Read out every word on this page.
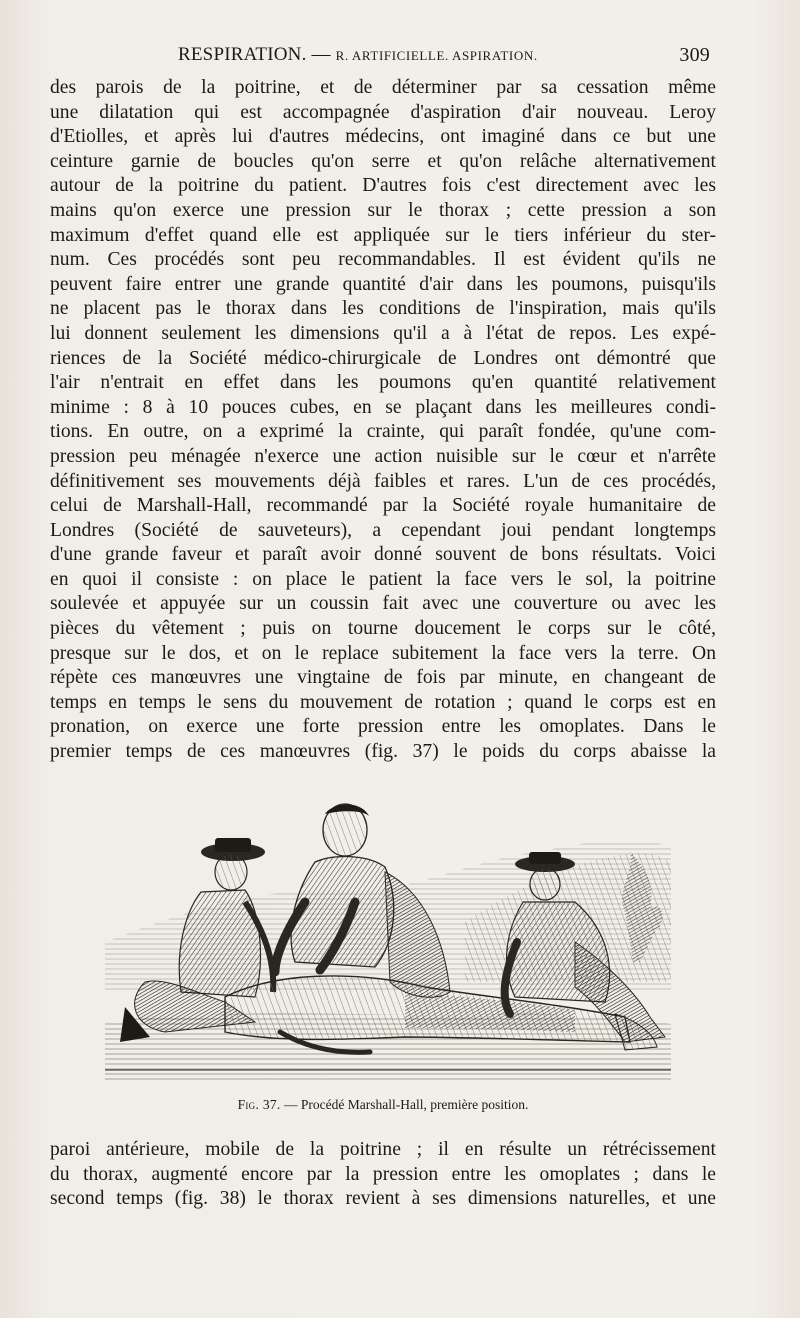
RESPIRATION. — R. ARTIFICIELLE. ASPIRATION.	309
des parois de la poitrine, et de déterminer par sa cessation même
une dilatation qui est accompagnée d'aspiration d'air nouveau. Leroy
d'Etiolles, et après lui d'autres médecins, ont imaginé dans ce but une
ceinture garnie de boucles qu'on serre et qu'on relâche alternativement
autour de la poitrine du patient. D'autres fois c'est directement avec les
mains qu'on exerce une pression sur le thorax ; cette pression a son
maximum d'effet quand elle est appliquée sur le tiers inférieur du ster-
num. Ces procédés sont peu recommandables. Il est évident qu'ils ne
peuvent faire entrer une grande quantité d'air dans les poumons, puisqu'ils
ne placent pas le thorax dans les conditions de l'inspiration, mais qu'ils
lui donnent seulement les dimensions qu'il a à l'état de repos. Les expé-
riences de la Société médico-chirurgicale de Londres ont démontré que
l'air n'entrait en effet dans les poumons qu'en quantité relativement
minime : 8 à 10 pouces cubes, en se plaçant dans les meilleures condi-
tions. En outre, on a exprimé la crainte, qui paraît fondée, qu'une com-
pression peu ménagée n'exerce une action nuisible sur le cœur et n'arrête
définitivement ses mouvements déjà faibles et rares. L'un de ces procédés,
celui de Marshall-Hall, recommandé par la Société royale humanitaire de
Londres (Société de sauveteurs), a cependant joui pendant longtemps
d'une grande faveur et paraît avoir donné souvent de bons résultats. Voici
en quoi il consiste : on place le patient la face vers le sol, la poitrine
soulevée et appuyée sur un coussin fait avec une couverture ou avec les
pièces du vêtement ; puis on tourne doucement le corps sur le côté,
presque sur le dos, et on le replace subitement la face vers la terre. On
répète ces manœuvres une vingtaine de fois par minute, en changeant de
temps en temps le sens du mouvement de rotation ; quand le corps est en
pronation, on exerce une forte pression entre les omoplates. Dans le
premier temps de ces manœuvres (fig. 37) le poids du corps abaisse la
Fig. 37. — Procédé Marshall-Hall, première position.
paroi antérieure, mobile de la poitrine ; il en résulte un rétrécissement
du thorax, augmenté encore par la pression entre les omoplates ; dans le
second temps (fig. 38) le thorax revient à ses dimensions naturelles, et une
